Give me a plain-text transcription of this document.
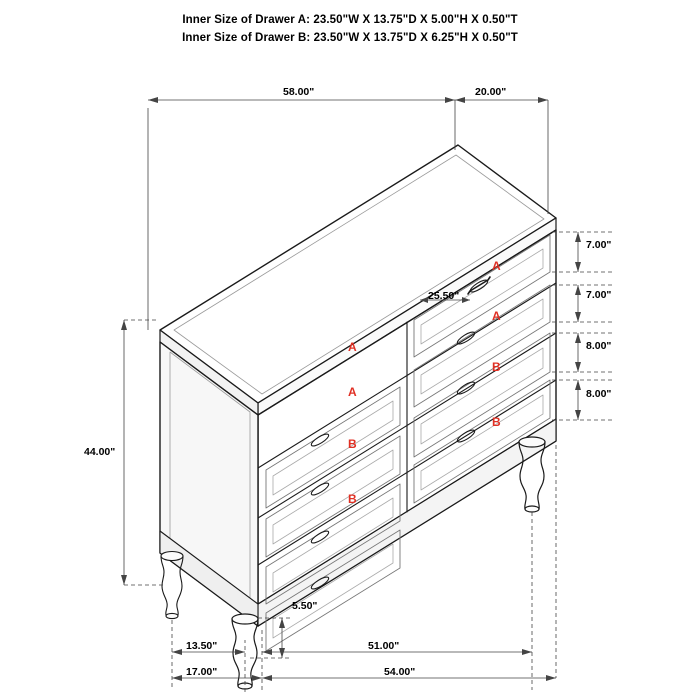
Inner Size of Drawer A: 23.50"W X 13.75"D X 5.00"H X 0.50"T
Inner Size of Drawer B: 23.50"W X 13.75"D X 6.25"H X 0.50"T
58.00"	20.00"
7.00"
7.00"
8.00"
8.00"
44.00"
25.50"
5.50"
13.50"	51.00"
17.00"	54.00"
A
A
B
B
A
A
B
B
